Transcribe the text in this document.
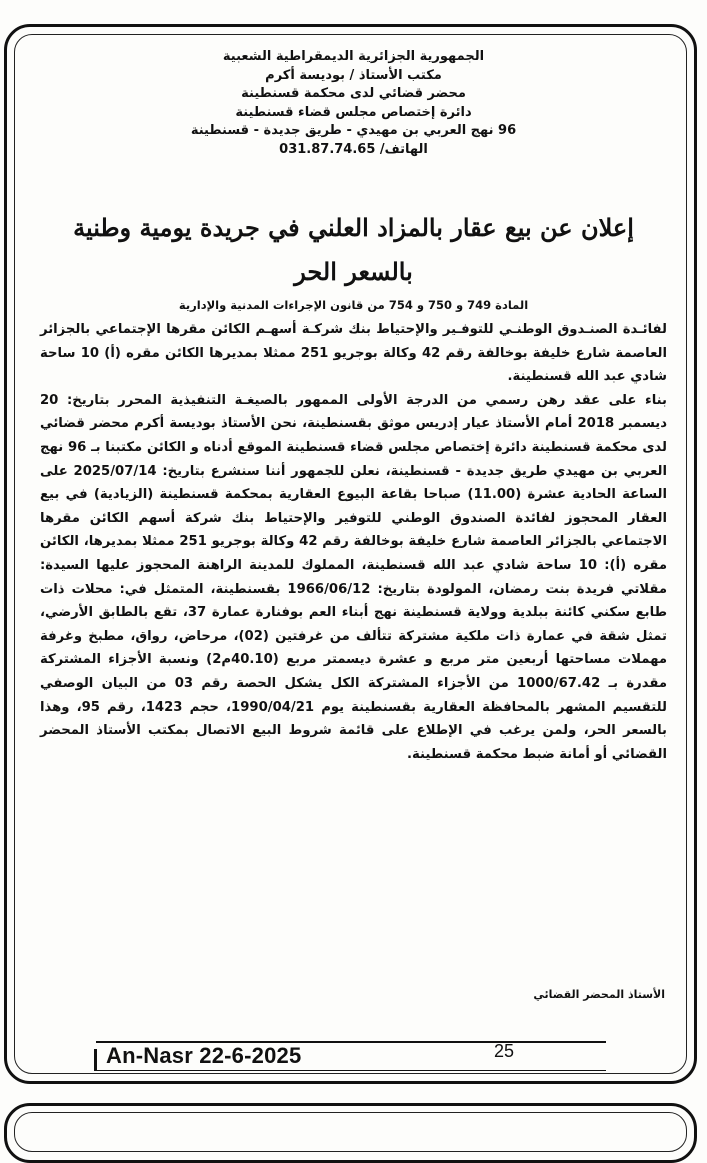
الجمهورية الجزائرية الديمقراطية الشعبية
مكتب الأستاذ / بوديسة أكرم
محضر قضائي لدى محكمة قسنطينة
دائرة إختصاص مجلس قضاء قسنطينة
96 نهج العربي بن مهيدي - طريق جديدة - قسنطينة
الهاتف/ 031.87.74.65
إعلان عن بيع عقار بالمزاد العلني في جريدة يومية وطنية
بالسعر الحر
المادة 749 و 750 و 754 من قانون الإجراءات المدنية والإدارية

لفائـدة الصنـدوق الوطنـي للتوفـير والإحتياط بنك شركـة أسهـم الكائن مقرها الإجتماعي بالجزائر العاصمة شارع خليفة بوخالفة رقم 42 وكالة بوجريو 251 ممثلا بمديرها الكائن مقره (أ) 10 ساحة شادي عبد الله قسنطينة.

بناء على عقد رهن رسمي من الدرجة الأولى الممهور بالصيغـة التنفيذية المحرر بتاريخ: 20 ديسمبر 2018 أمام الأستاذ عيار إدريس موثق بقسنطينة، نحن الأستاذ بوديسة أكرم محضر قضائي لدى محكمة قسنطينة دائرة إختصاص مجلس قضاء قسنطينة الموقع أدناه و الكائن مكتبنا بـ 96 نهج العربي بن مهيدي طريق جديدة - قسنطينة، نعلن للجمهور أننا سنشرع بتاريخ: 2025/07/14 على الساعة الحادية عشرة (11.00) صباحا بقاعة البيوع العقارية بمحكمة قسنطينة (الزيادية) في بيع العقار المحجوز لفائدة الصندوق الوطني للتوفير والإحتياط بنك شركة أسهم الكائن مقرها الاجتماعي بالجزائر العاصمة شارع خليفة بوخالفة رقم 42 وكالة بوجريو 251 ممثلا بمديرها، الكائن مقره (أ): 10 ساحة شادي عبد الله قسنطينة، المملوك للمدينة الراهنة المحجوز عليها السيدة: مقلاتي فريدة بنت رمضان، المولودة بتاريخ: 1966/06/12 بقسنطينة، المتمثل في: محلات ذات طابع سكني كائنة ببلدية وولاية قسنطينة نهج أبناء العم بوفنارة عمارة 37، تقع بالطابق الأرضي، تمثل شقة في عمارة ذات ملكية مشتركة تتألف من غرفتين (02)، مرحاض، رواق، مطبخ وغرفة مهملات مساحتها أربعين متر مربع و عشرة ديسمتر مربع (40.10م2) ونسبة الأجزاء المشتركة مقدرة بـ 1000/67.42 من الأجزاء المشتركة الكل يشكل الحصة رقم 03 من البيان الوصفي للتقسيم المشهر بالمحافظة العقارية بقسنطينة يوم 1990/04/21، حجم 1423، رقم 95، وهذا بالسعر الحر، ولمن يرغب في الإطلاع على قائمة شروط البيع الاتصال بمكتب الأستاذ المحضر القضائي أو أمانة ضبط محكمة قسنطينة.

الأستاذ المحضر القضائي
An-Nasr 22-6-2025	25
